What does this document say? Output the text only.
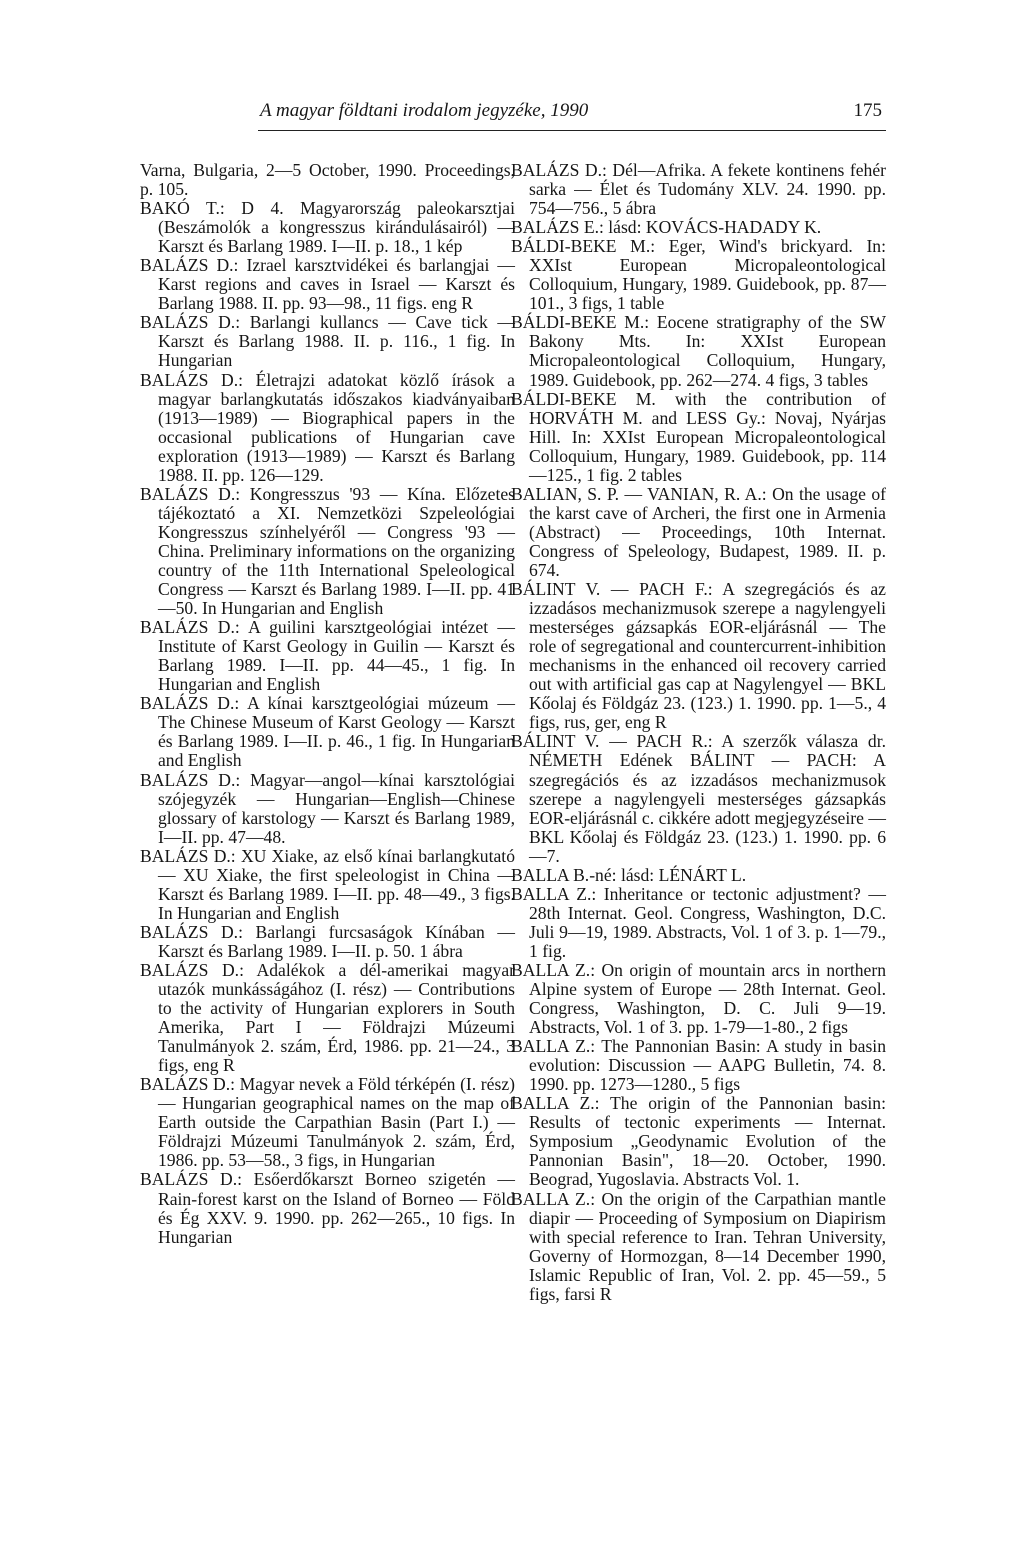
A magyar földtani irodalom jegyzéke, 1990	175

Varna, Bulgaria, 2—5 October, 1990. Proceedings, p. 105.

BAKÓ T.: D 4. Magyarország paleokarsztjai (Beszámolók a kongresszus kirándulásairól) — Karszt és Barlang 1989. I—II. p. 18., 1 kép

BALÁZS D.: Izrael karsztvidékei és barlangjai — Karst regions and caves in Israel — Karszt és Barlang 1988. II. pp. 93—98., 11 figs. eng R

BALÁZS D.: Barlangi kullancs — Cave tick — Karszt és Barlang 1988. II. p. 116., 1 fig. In Hungarian

BALÁZS D.: Életrajzi adatokat közlő írások a magyar barlangkutatás időszakos kiadványaiban (1913—1989) — Biographical papers in the occasional publications of Hungarian cave exploration (1913—1989) — Karszt és Barlang 1988. II. pp. 126—129.

BALÁZS D.: Kongresszus '93 — Kína. Előzetes tájékoztató a XI. Nemzetközi Szpeleológiai Kongresszus színhelyéről — Congress '93 — China. Preliminary informations on the organizing country of the 11th International Speleological Congress — Karszt és Barlang 1989. I—II. pp. 41—50. In Hungarian and English

BALÁZS D.: A guilini karsztgeológiai intézet — Institute of Karst Geology in Guilin — Karszt és Barlang 1989. I—II. pp. 44—45., 1 fig. In Hungarian and English

BALÁZS D.: A kínai karsztgeológiai múzeum — The Chinese Museum of Karst Geology — Karszt és Barlang 1989. I—II. p. 46., 1 fig. In Hungarian and English

BALÁZS D.: Magyar—angol—kínai karsztológiai szójegyzék — Hungarian—English—Chinese glossary of karstology — Karszt és Barlang 1989, I—II. pp. 47—48.

BALÁZS D.: XU Xiake, az első kínai barlangkutató — XU Xiake, the first speleologist in China — Karszt és Barlang 1989. I—II. pp. 48—49., 3 figs. In Hungarian and English

BALÁZS D.: Barlangi furcsaságok Kínában — Karszt és Barlang 1989. I—II. p. 50. 1 ábra

BALÁZS D.: Adalékok a dél-amerikai magyar utazók munkásságához (I. rész) — Contributions to the activity of Hungarian explorers in South Amerika, Part I — Földrajzi Múzeumi Tanulmányok 2. szám, Érd, 1986. pp. 21—24., 3 figs, eng R

BALÁZS D.: Magyar nevek a Föld térképén (I. rész) — Hungarian geographical names on the map of Earth outside the Carpathian Basin (Part I.) — Földrajzi Múzeumi Tanulmányok 2. szám, Érd, 1986. pp. 53—58., 3 figs, in Hungarian

BALÁZS D.: Esőerdőkarszt Borneo szigetén — Rain-forest karst on the Island of Borneo — Föld és Ég XXV. 9. 1990. pp. 262—265., 10 figs. In Hungarian

BALÁZS D.: Dél—Afrika. A fekete kontinens fehér sarka — Élet és Tudomány XLV. 24. 1990. pp. 754—756., 5 ábra

BALÁZS E.: lásd: KOVÁCS-HADADY K.

BÁLDI-BEKE M.: Eger, Wind's brickyard. In: XXIst European Micropaleontological Colloquium, Hungary, 1989. Guidebook, pp. 87—101., 3 figs, 1 table

BÁLDI-BEKE M.: Eocene stratigraphy of the SW Bakony Mts. In: XXIst European Micropaleontological Colloquium, Hungary, 1989. Guidebook, pp. 262—274. 4 figs, 3 tables

BÁLDI-BEKE M. with the contribution of HORVÁTH M. and LESS Gy.: Novaj, Nyárjas Hill. In: XXIst European Micropaleontological Colloquium, Hungary, 1989. Guidebook, pp. 114—125., 1 fig. 2 tables

BALIAN, S. P. — VANIAN, R. A.: On the usage of the karst cave of Archeri, the first one in Armenia (Abstract) — Proceedings, 10th Internat. Congress of Speleology, Budapest, 1989. II. p. 674.

BÁLINT V. — PACH F.: A szegregációs és az izzadásos mechanizmusok szerepe a nagylengyeli mesterséges gázsapkás EOR-eljárásnál — The role of segregational and countercurrent-inhibition mechanisms in the enhanced oil recovery carried out with artificial gas cap at Nagylengyel — BKL Kőolaj és Földgáz 23. (123.) 1. 1990. pp. 1—5., 4 figs, rus, ger, eng R

BÁLINT V. — PACH R.: A szerzők válasza dr. NÉMETH Edének BÁLINT — PACH: A szegregációs és az izzadásos mechanizmusok szerepe a nagylengyeli mesterséges gázsapkás EOR-eljárásnál c. cikkére adott megjegyzéseire — BKL Kőolaj és Földgáz 23. (123.) 1. 1990. pp. 6—7.

BALLA B.-né: lásd: LÉNÁRT L.

BALLA Z.: Inheritance or tectonic adjustment? — 28th Internat. Geol. Congress, Washington, D.C. Juli 9—19, 1989. Abstracts, Vol. 1 of 3. p. 1—79., 1 fig.

BALLA Z.: On origin of mountain arcs in northern Alpine system of Europe — 28th Internat. Geol. Congress, Washington, D. C. Juli 9—19. Abstracts, Vol. 1 of 3. pp. 1-79—1-80., 2 figs

BALLA Z.: The Pannonian Basin: A study in basin evolution: Discussion — AAPG Bulletin, 74. 8. 1990. pp. 1273—1280., 5 figs

BALLA Z.: The origin of the Pannonian basin: Results of tectonic experiments — Internat. Symposium „Geodynamic Evolution of the Pannonian Basin", 18—20. October, 1990. Beograd, Yugoslavia. Abstracts Vol. 1.

BALLA Z.: On the origin of the Carpathian mantle diapir — Proceeding of Symposium on Diapirism with special reference to Iran. Tehran University, Governy of Hormozgan, 8—14 December 1990, Islamic Republic of Iran, Vol. 2. pp. 45—59., 5 figs, farsi R
